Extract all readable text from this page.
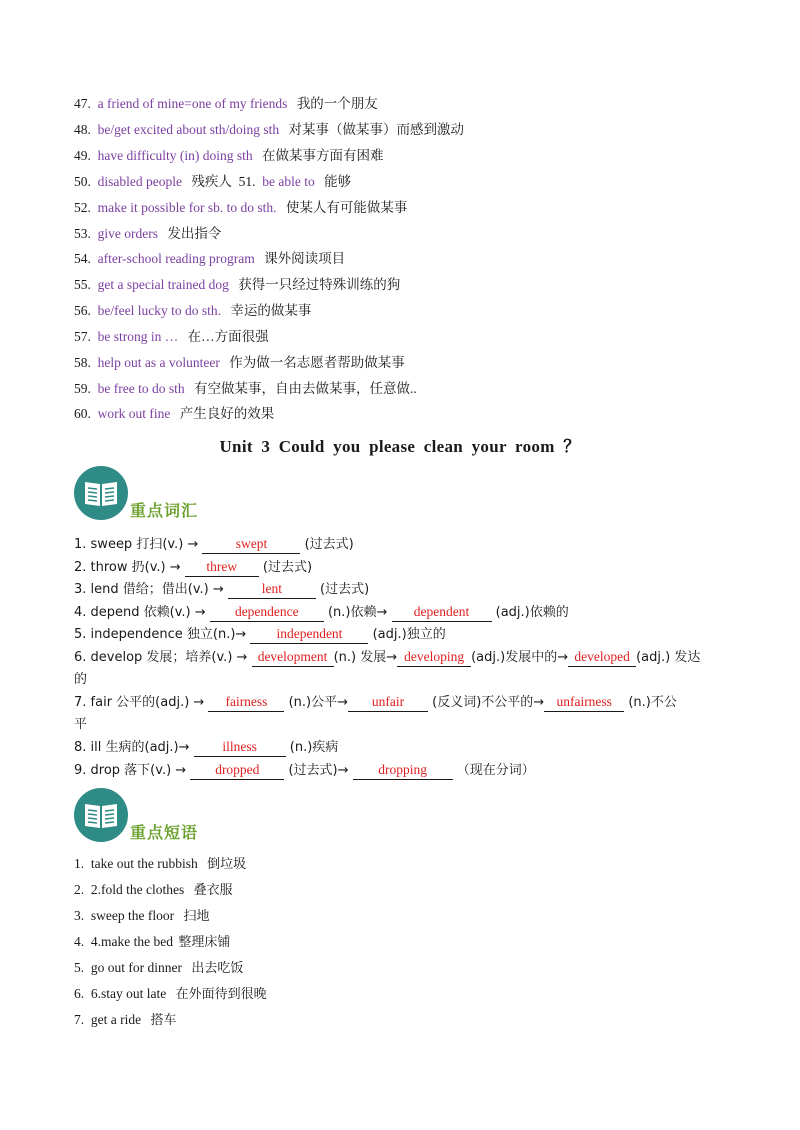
47. a friend of mine=one of my friends 我的一个朋友
48. be/get excited about sth/doing sth 对某事（做某事）而感到激动
49. have difficulty (in) doing sth 在做某事方面有困难
50. disabled people 残疾人 51. be able to 能够
52. make it possible for sb. to do sth. 使某人有可能做某事
53. give orders 发出指令
54. after-school reading program 课外阅读项目
55. get a special trained dog 获得一只经过特殊训练的狗
56. be/feel lucky to do sth. 幸运的做某事
57. be strong in … 在…方面很强
58. help out as a volunteer 作为做一名志愿者帮助做某事
59. be free to do sth 有空做某事，自由去做某事，任意做..
60. work out fine 产生良好的效果
Unit 3 Could you please clean your room ？
重点词汇
1. sweep 打扫(v.) →	swept	(过去式)
2. throw 扔(v.) → threw (过去式)
3. lend 借给；借出(v.) →	lent	(过去式)
4. depend 依赖(v.) → dependence (n.)依赖→ dependent (adj.)依赖的
5. independence 独立(n.)→ independent (adj.)独立的
6. develop 发展；培养(v.) → development (n.) 发展→ developing (adj.)发展中的→ developed (adj.) 发达
的
7. fair 公平的(adj.) → fairness (n.)公平→ unfair (反义词)不公平的→ unfairness (n.)不公
平
8. ill 生病的(adj.)→ illness	(n.)疾病
9. drop 落下(v.) → dropped (过去式)→ dropping （现在分词）
重点短语
1. take out the rubbish 倒垃圾
2. 2.fold the clothes 叠衣服
3. sweep the floor 扫地
4. 4.make the bed 整理床铺
5. go out for dinner 出去吃饭
6. 6.stay out late 在外面待到很晚
7. get a ride 搭车
